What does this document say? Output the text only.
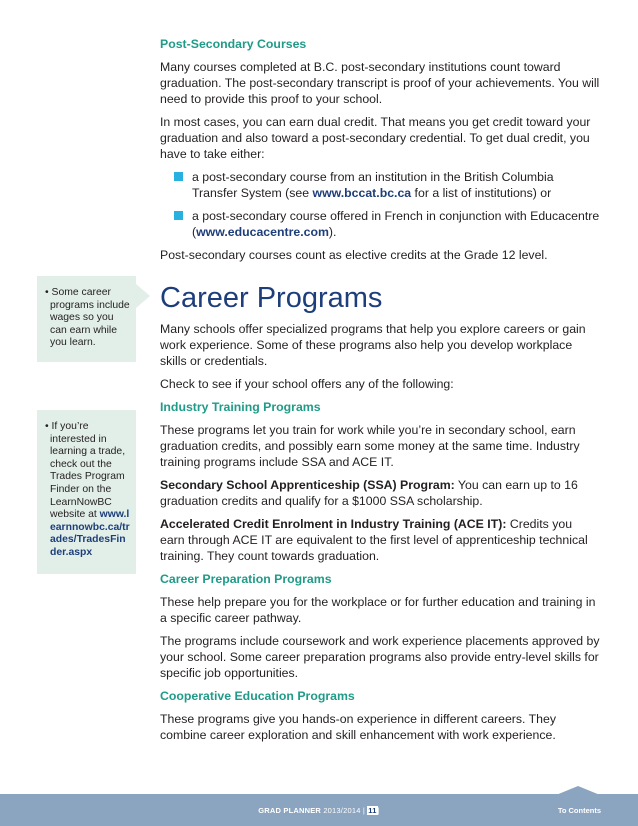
Post-Secondary Courses

Many courses completed at B.C. post-secondary institutions count toward graduation. The post-secondary transcript is proof of your achievements. You will need to provide this proof to your school.

In most cases, you can earn dual credit. That means you get credit toward your graduation and also toward a post-secondary credential. To get dual credit, you have to take either:

a post-secondary course from an institution in the British Columbia Transfer System (see www.bccat.bc.ca for a list of institutions) or
a post-secondary course offered in French in conjunction with Educacentre (www.educacentre.com).

Post-secondary courses count as elective credits at the Grade 12 level.

Career Programs

Many schools offer specialized programs that help you explore careers or gain work experience. Some of these programs also help you develop workplace skills or credentials.

Check to see if your school offers any of the following:

Industry Training Programs

These programs let you train for work while you’re in secondary school, earn graduation credits, and possibly earn some money at the same time. Industry training programs include SSA and ACE IT.

Secondary School Apprenticeship (SSA) Program: You can earn up to 16 graduation credits and qualify for a $1000 SSA scholarship.

Accelerated Credit Enrolment in Industry Training (ACE IT): Credits you earn through ACE IT are equivalent to the first level of apprenticeship technical training. They count towards graduation.

Career Preparation Programs

These help prepare you for the workplace or for further education and training in a specific career pathway.

The programs include coursework and work experience placements approved by your school. Some career preparation programs also provide entry-level skills for specific job opportunities.

Cooperative Education Programs

These programs give you hands-on experience in different careers. They combine career exploration and skill enhancement with work experience.

• Some career programs include wages so you can earn while you learn.
• If you’re interested in learning a trade, check out the Trades Program Finder on the LearnNowBC website at www.learnnowbc.ca/trades/TradesFinder.aspx
GRAD PLANNER 2013/2014 | 11|	To Contents
